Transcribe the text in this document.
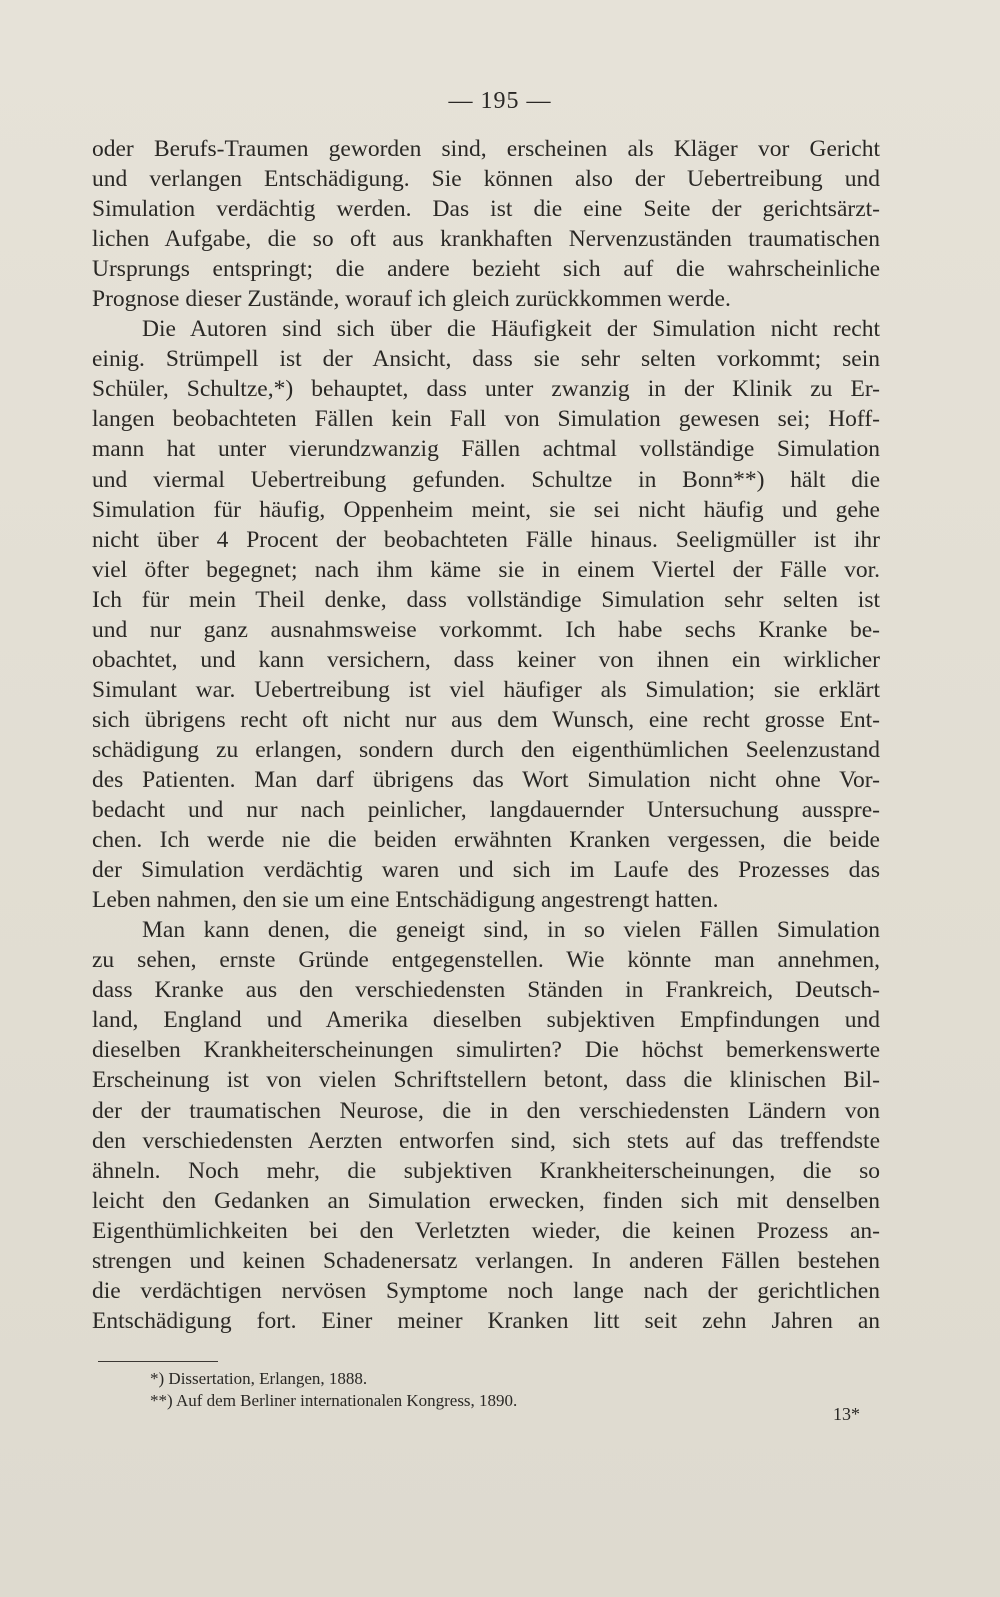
— 195 —
oder Berufs-Traumen geworden sind, erscheinen als Kläger vor Gericht
und verlangen Entschädigung. Sie können also der Uebertreibung und
Simulation verdächtig werden. Das ist die eine Seite der gerichtsärzt-
lichen Aufgabe, die so oft aus krankhaften Nervenzuständen traumatischen
Ursprungs entspringt; die andere bezieht sich auf die wahrscheinliche
Prognose dieser Zustände, worauf ich gleich zurückkommen werde.
Die Autoren sind sich über die Häufigkeit der Simulation nicht recht
einig. Strümpell ist der Ansicht, dass sie sehr selten vorkommt; sein
Schüler, Schultze,*) behauptet, dass unter zwanzig in der Klinik zu Er-
langen beobachteten Fällen kein Fall von Simulation gewesen sei; Hoff-
mann hat unter vierundzwanzig Fällen achtmal vollständige Simulation
und viermal Uebertreibung gefunden. Schultze in Bonn**) hält die
Simulation für häufig, Oppenheim meint, sie sei nicht häufig und gehe
nicht über 4 Procent der beobachteten Fälle hinaus. Seeligmüller ist ihr
viel öfter begegnet; nach ihm käme sie in einem Viertel der Fälle vor.
Ich für mein Theil denke, dass vollständige Simulation sehr selten ist
und nur ganz ausnahmsweise vorkommt. Ich habe sechs Kranke be-
obachtet, und kann versichern, dass keiner von ihnen ein wirklicher
Simulant war. Uebertreibung ist viel häufiger als Simulation; sie erklärt
sich übrigens recht oft nicht nur aus dem Wunsch, eine recht grosse Ent-
schädigung zu erlangen, sondern durch den eigenthümlichen Seelenzustand
des Patienten. Man darf übrigens das Wort Simulation nicht ohne Vor-
bedacht und nur nach peinlicher, langdauernder Untersuchung ausspre-
chen. Ich werde nie die beiden erwähnten Kranken vergessen, die beide
der Simulation verdächtig waren und sich im Laufe des Prozesses das
Leben nahmen, den sie um eine Entschädigung angestrengt hatten.
Man kann denen, die geneigt sind, in so vielen Fällen Simulation
zu sehen, ernste Gründe entgegenstellen. Wie könnte man annehmen,
dass Kranke aus den verschiedensten Ständen in Frankreich, Deutsch-
land, England und Amerika dieselben subjektiven Empfindungen und
dieselben Krankheiterscheinungen simulirten? Die höchst bemerkenswerte
Erscheinung ist von vielen Schriftstellern betont, dass die klinischen Bil-
der der traumatischen Neurose, die in den verschiedensten Ländern von
den verschiedensten Aerzten entworfen sind, sich stets auf das treffendste
ähneln. Noch mehr, die subjektiven Krankheiterscheinungen, die so
leicht den Gedanken an Simulation erwecken, finden sich mit denselben
Eigenthümlichkeiten bei den Verletzten wieder, die keinen Prozess an-
strengen und keinen Schadenersatz verlangen. In anderen Fällen bestehen
die verdächtigen nervösen Symptome noch lange nach der gerichtlichen
Entschädigung fort. Einer meiner Kranken litt seit zehn Jahren an
*) Dissertation, Erlangen, 1888.
**) Auf dem Berliner internationalen Kongress, 1890.
13*
